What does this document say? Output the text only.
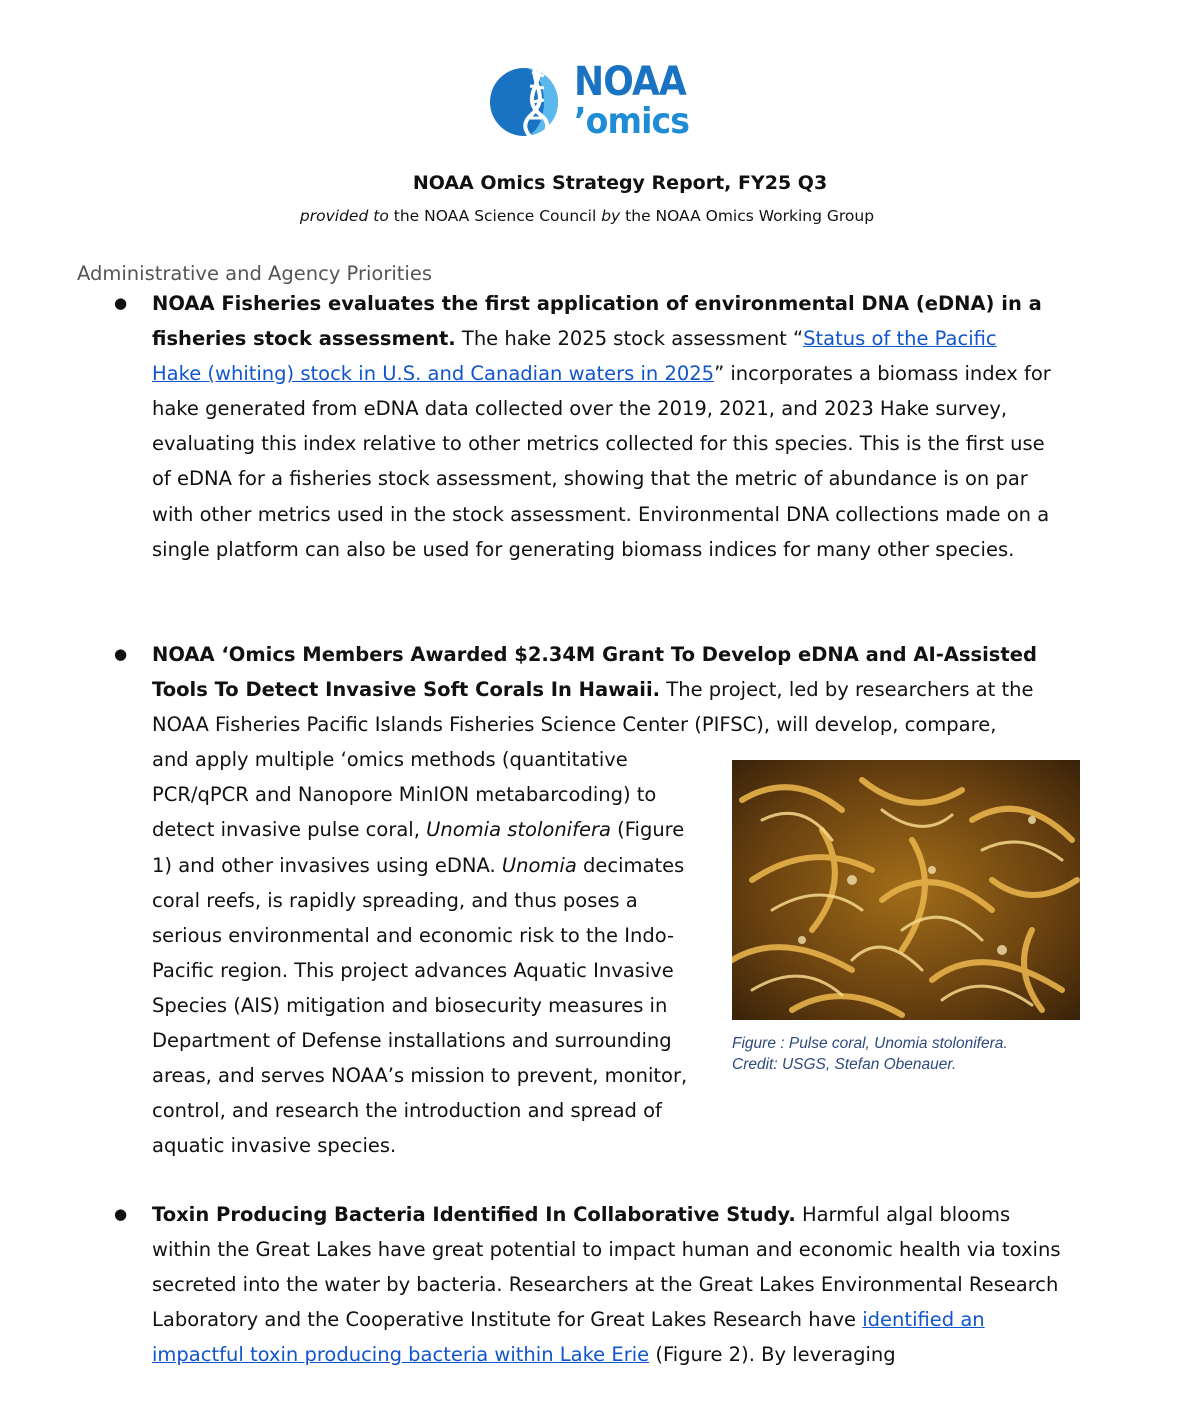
NOAA
’omics
NOAA Omics Strategy Report, FY25 Q3
provided to the NOAA Science Council by the NOAA Omics Working Group
Administrative and Agency Priorities
● NOAA Fisheries evaluates the first application of environmental DNA (eDNA) in a fisheries stock assessment. The hake 2025 stock assessment “Status of the Pacific Hake (whiting) stock in U.S. and Canadian waters in 2025” incorporates a biomass index for hake generated from eDNA data collected over the 2019, 2021, and 2023 Hake survey, evaluating this index relative to other metrics collected for this species. This is the first use of eDNA for a fisheries stock assessment, showing that the metric of abundance is on par with other metrics used in the stock assessment. Environmental DNA collections made on a single platform can also be used for generating biomass indices for many other species.
● NOAA ‘Omics Members Awarded $2.34M Grant To Develop eDNA and AI-Assisted
Tools To Detect Invasive Soft Corals In Hawaii. The project, led by researchers at the
NOAA Fisheries Pacific Islands Fisheries Science Center (PIFSC), will develop, compare,
and apply multiple ‘omics methods (quantitative PCR/qPCR and Nanopore MinION metabarcoding) to detect invasive pulse coral, Unomia stolonifera (Figure 1) and other invasives using eDNA. Unomia decimates coral reefs, is rapidly spreading, and thus poses a serious environmental and economic risk to the Indo-Pacific region. This project advances Aquatic Invasive Species (AIS) mitigation and biosecurity measures in Department of Defense installations and surrounding areas, and serves NOAA’s mission to prevent, monitor, control, and research the introduction and spread of aquatic invasive species.
Figure : Pulse coral, Unomia stolonifera.
Credit: USGS, Stefan Obenauer.
● Toxin Producing Bacteria Identified In Collaborative Study. Harmful algal blooms within the Great Lakes have great potential to impact human and economic health via toxins secreted into the water by bacteria. Researchers at the Great Lakes Environmental Research Laboratory and the Cooperative Institute for Great Lakes Research have identified an impactful toxin producing bacteria within Lake Erie (Figure 2). By leveraging
